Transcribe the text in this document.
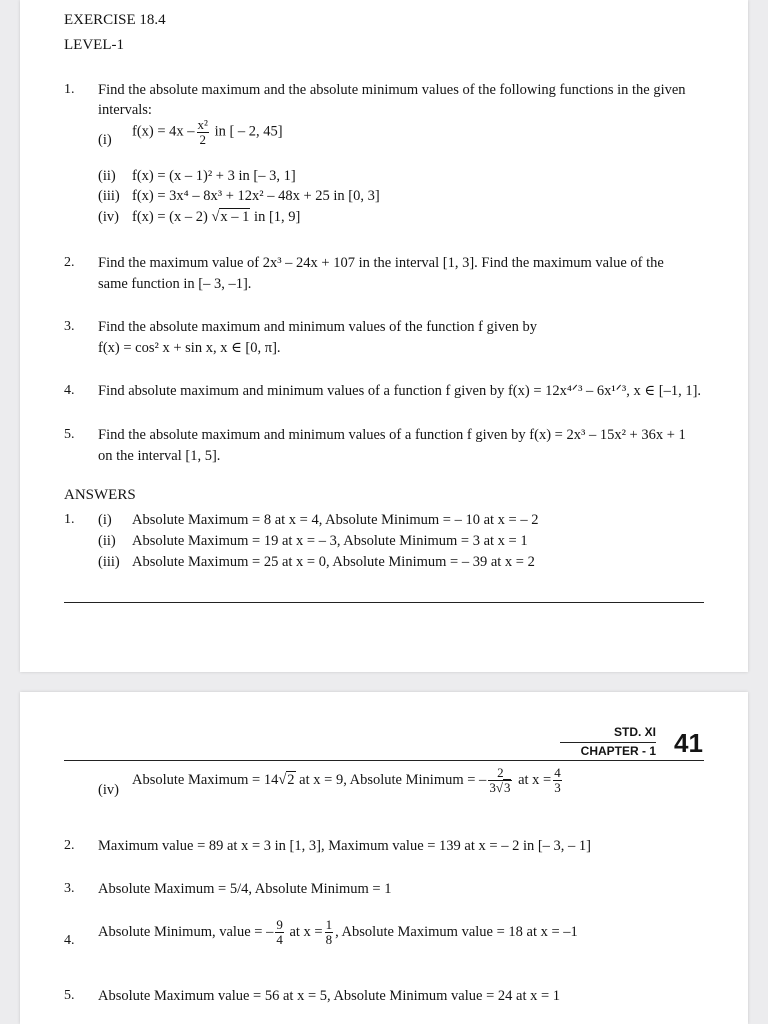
EXERCISE 18.4
LEVEL-1
1. Find the absolute maximum and the absolute minimum values of the following functions in the given
intervals:
(i)
$f(x) = 4x - \frac{\text{x²}}{2}$ in [ – 2, 45]
(ii) f(x) = (x – 1)² + 3 in [– 3, 1]
(iii) f(x) = 3x⁴ – 8x³ + 12x² – 48x + 25 in [0, 3]
(iv) f(x) = (x – 2) √x – 1 in [1, 9]
2. Find the maximum value of 2x³ – 24x + 107 in the interval [1, 3]. Find the maximum value of the
same function in [– 3, –1].
3. Find the absolute maximum and minimum values of the function f given by
f(x) = cos² x + sin x, x ∈ [0, π].
4. Find absolute maximum and minimum values of a function f given by f(x) = 12x⁴ᐟ³ – 6x¹ᐟ³, x ∈ [–1, 1].
5. Find the absolute maximum and minimum values of a function f given by f(x) = 2x³ – 15x² + 36x + 1
on the interval [1, 5].
ANSWERS
1. (i) Absolute Maximum = 8 at x = 4, Absolute Minimum = – 10 at x = – 2
(ii) Absolute Maximum = 19 at x = – 3, Absolute Minimum = 3 at x = 1
(iii) Absolute Maximum = 25 at x = 0, Absolute Minimum = – 39 at x = 2
STD. XI
CHAPTER - 1 41
(iv)
Absolute Maximum = 14√2 at x = 9, Absolute Minimum = – $\frac{2}{3√3}$ at $x = \frac{4}{3}$
2. Maximum value = 89 at x = 3 in [1, 3], Maximum value = 139 at x = – 2 in [– 3, – 1]
3. Absolute Maximum = 5/4, Absolute Minimum = 1
4.
Absolute Minimum, value = – $\frac{9}{4}$ at $x = \frac{1}{8}$ , Absolute Maximum value = 18 at x = –1
5. Absolute Maximum value = 56 at x = 5, Absolute Minimum value = 24 at x = 1
